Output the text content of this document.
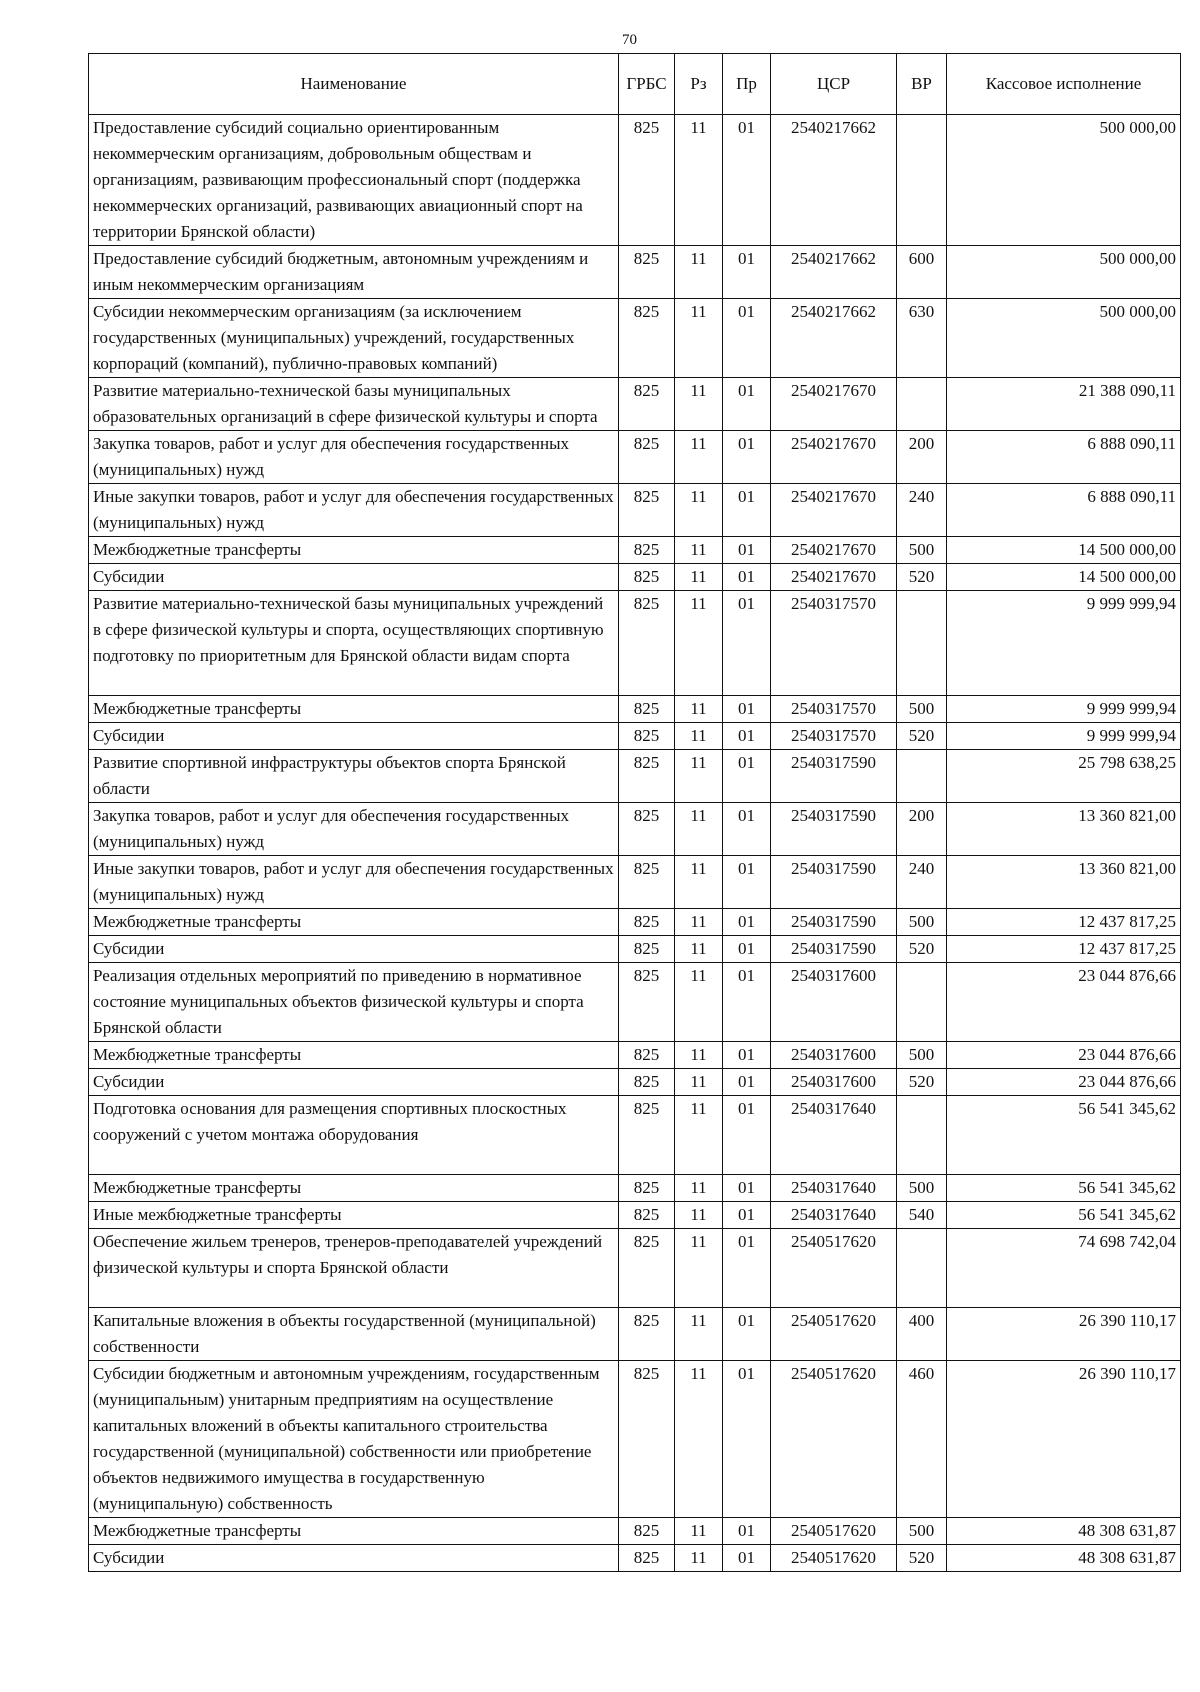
70
Наименование	ГРБС	Рз	Пр	ЦСР	ВР	Кассовое исполнение
Предоставление субсидий социально ориентированным некоммерческим организациям, добровольным обществам и организациям, развивающим профессиональный спорт (поддержка некоммерческих организаций, развивающих авиационный спорт на территории Брянской области)	825	11	01	2540217662		500 000,00
Предоставление субсидий бюджетным, автономным учреждениям и иным некоммерческим организациям	825	11	01	2540217662	600	500 000,00
Субсидии некоммерческим организациям (за исключением государственных (муниципальных) учреждений, государственных корпораций (компаний), публично-правовых компаний)	825	11	01	2540217662	630	500 000,00
Развитие материально-технической базы муниципальных образовательных организаций в сфере физической культуры и спорта	825	11	01	2540217670		21 388 090,11
Закупка товаров, работ и услуг для обеспечения государственных (муниципальных) нужд	825	11	01	2540217670	200	6 888 090,11
Иные закупки товаров, работ и услуг для обеспечения государственных (муниципальных) нужд	825	11	01	2540217670	240	6 888 090,11
Межбюджетные трансферты	825	11	01	2540217670	500	14 500 000,00
Субсидии	825	11	01	2540217670	520	14 500 000,00
Развитие материально-технической базы муниципальных учреждений в сфере физической культуры и спорта, осуществляющих спортивную подготовку по приоритетным для Брянской области видам спорта	825	11	01	2540317570		9 999 999,94
Межбюджетные трансферты	825	11	01	2540317570	500	9 999 999,94
Субсидии	825	11	01	2540317570	520	9 999 999,94
Развитие спортивной инфраструктуры объектов спорта Брянской области	825	11	01	2540317590		25 798 638,25
Закупка товаров, работ и услуг для обеспечения государственных (муниципальных) нужд	825	11	01	2540317590	200	13 360 821,00
Иные закупки товаров, работ и услуг для обеспечения государственных (муниципальных) нужд	825	11	01	2540317590	240	13 360 821,00
Межбюджетные трансферты	825	11	01	2540317590	500	12 437 817,25
Субсидии	825	11	01	2540317590	520	12 437 817,25
Реализация отдельных мероприятий по приведению в нормативное состояние муниципальных объектов физической культуры и спорта Брянской области	825	11	01	2540317600		23 044 876,66
Межбюджетные трансферты	825	11	01	2540317600	500	23 044 876,66
Субсидии	825	11	01	2540317600	520	23 044 876,66
Подготовка основания для размещения спортивных плоскостных сооружений с учетом монтажа оборудования	825	11	01	2540317640		56 541 345,62
Межбюджетные трансферты	825	11	01	2540317640	500	56 541 345,62
Иные межбюджетные трансферты	825	11	01	2540317640	540	56 541 345,62
Обеспечение жильем тренеров, тренеров-преподавателей учреждений физической культуры и спорта Брянской области	825	11	01	2540517620		74 698 742,04
Капитальные вложения в объекты государственной (муниципальной) собственности	825	11	01	2540517620	400	26 390 110,17
Субсидии бюджетным и автономным учреждениям, государственным (муниципальным) унитарным предприятиям на осуществление капитальных вложений в объекты капитального строительства государственной (муниципальной) собственности или приобретение объектов недвижимого имущества в государственную (муниципальную) собственность	825	11	01	2540517620	460	26 390 110,17
Межбюджетные трансферты	825	11	01	2540517620	500	48 308 631,87
Субсидии	825	11	01	2540517620	520	48 308 631,87
